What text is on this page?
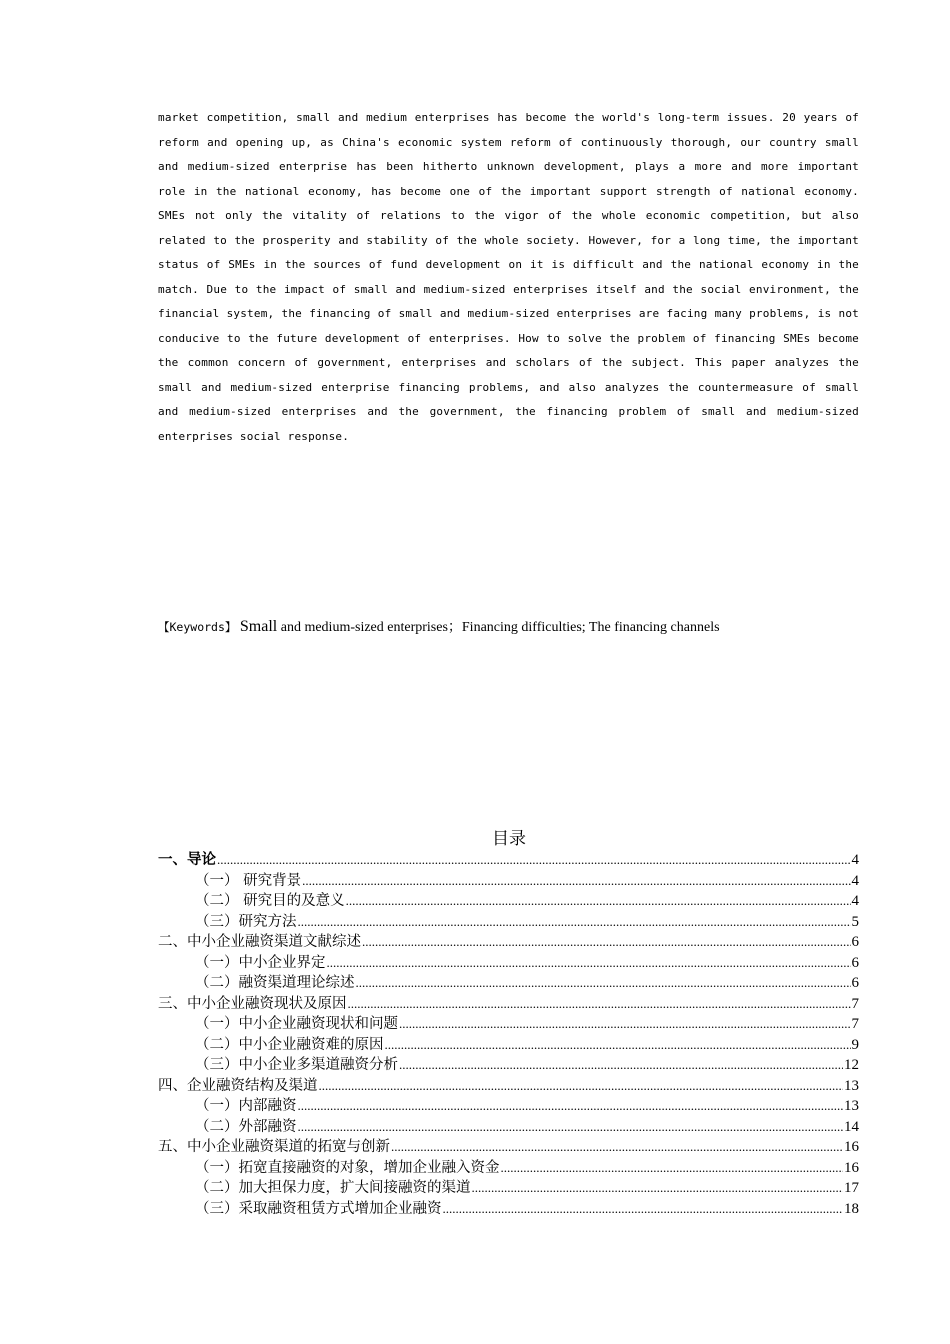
market competition, small and medium enterprises has become the world's long-term issues. 20 years of reform and opening up, as China's economic system reform of continuously thorough, our country small and medium-sized enterprise has been hitherto unknown development, plays a more and more important role in the national economy, has become one of the important support strength of national economy. SMEs not only the vitality of relations to the vigor of the whole economic competition, but also related to the prosperity and stability of the whole society. However, for a long time, the important status of SMEs in the sources of fund development on it is difficult and the national economy in the match. Due to the impact of small and medium-sized enterprises itself and the social environment, the financial system, the financing of small and medium-sized enterprises are facing many problems, is not conducive to the future development of enterprises. How to solve the problem of financing SMEs become the common concern of government, enterprises and scholars of the subject. This paper analyzes the small and medium-sized enterprise financing problems, and also analyzes the countermeasure of small and medium-sized enterprises and the government, the financing problem of small and medium-sized enterprises social response.

【Keywords】 Small and medium-sized enterprises；Financing difficulties; The financing channels
目录
一、导论 .....	4
（一） 研究背景 .....	4
（二） 研究目的及意义 .....	4
（三）研究方法 .....	5
二、中小企业融资渠道文献综述 .....	6
（一）中小企业界定 .....	6
（二）融资渠道理论综述 .....	6
三、中小企业融资现状及原因 .....	7
（一）中小企业融资现状和问题 .....	7
（二）中小企业融资难的原因 .....	9
（三）中小企业多渠道融资分析 .....	12
四、企业融资结构及渠道 .....	13
（一）内部融资 .....	13
（二）外部融资 .....	14
五、中小企业融资渠道的拓宽与创新 .....	16
（一）拓宽直接融资的对象，增加企业融入资金 .....	16
（二）加大担保力度，扩大间接融资的渠道 .....	17
（三）采取融资租赁方式增加企业融资 .....	18
